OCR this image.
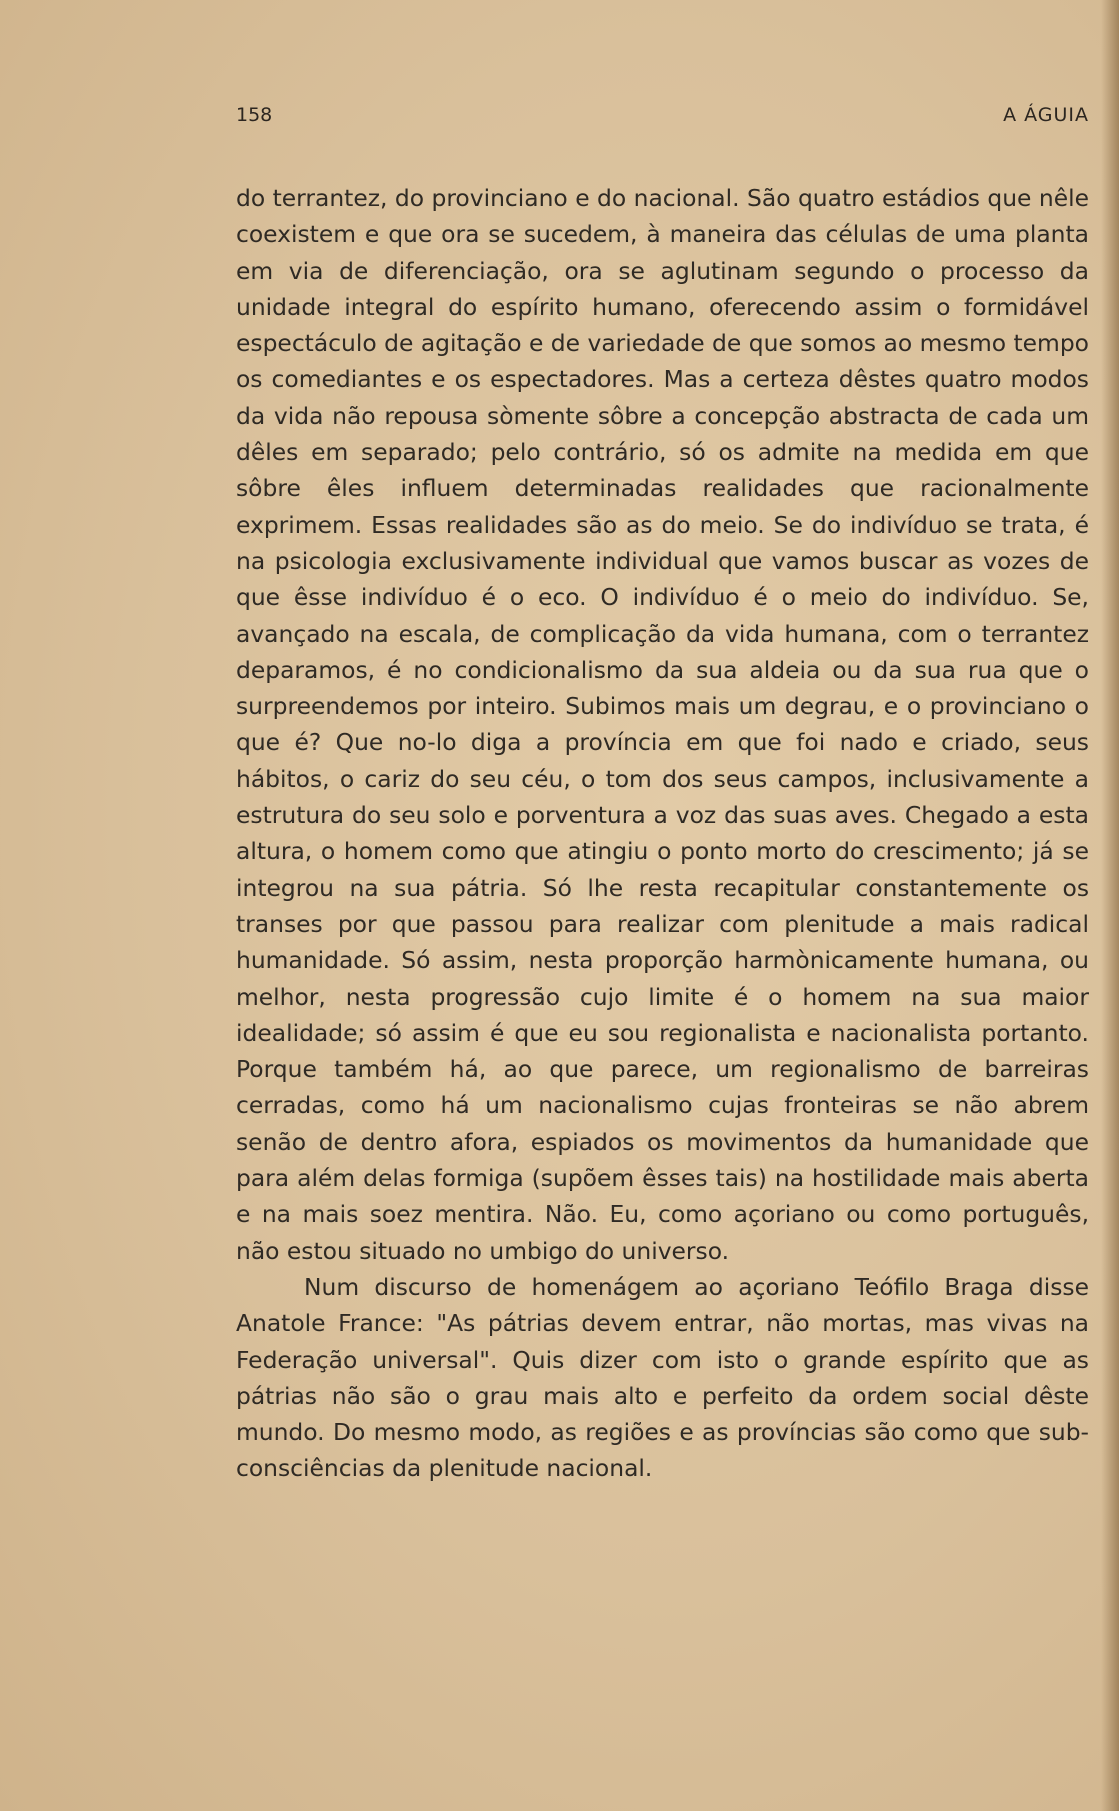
158	A ÁGUIA

do terrantez, do provinciano e do nacional. São quatro estádios que nêle coexistem e que ora se sucedem, à maneira das células de uma planta em via de diferenciação, ora se aglutinam segundo o processo da unidade integral do espírito humano, oferecendo assim o formidável espectáculo de agitação e de variedade de que somos ao mesmo tempo os comediantes e os espectadores. Mas a certeza dêstes quatro modos da vida não repousa sòmente sôbre a concepção abstracta de cada um dêles em separado; pelo contrário, só os admite na medida em que sôbre êles influem determinadas realidades que racionalmente exprimem. Essas realidades são as do meio. Se do indivíduo se trata, é na psicologia exclusivamente individual que vamos buscar as vozes de que êsse indivíduo é o eco. O indivíduo é o meio do indivíduo. Se, avançado na escala, de complicação da vida humana, com o terrantez deparamos, é no condicionalismo da sua aldeia ou da sua rua que o surpreendemos por inteiro. Subimos mais um degrau, e o provinciano o que é? Que no-lo diga a província em que foi nado e criado, seus hábitos, o cariz do seu céu, o tom dos seus campos, inclusivamente a estrutura do seu solo e porventura a voz das suas aves. Chegado a esta altura, o homem como que atingiu o ponto morto do crescimento; já se integrou na sua pátria. Só lhe resta recapitular constantemente os transes por que passou para realizar com plenitude a mais radical humanidade. Só assim, nesta proporção harmònicamente humana, ou melhor, nesta progressão cujo limite é o homem na sua maior idealidade; só assim é que eu sou regionalista e nacionalista portanto. Porque também há, ao que parece, um regionalismo de barreiras cerradas, como há um nacionalismo cujas fronteiras se não abrem senão de dentro afora, espiados os movimentos da humanidade que para além delas formiga (supõem êsses tais) na hostilidade mais aberta e na mais soez mentira. Não. Eu, como açoriano ou como português, não estou situado no umbigo do universo.

Num discurso de homenágem ao açoriano Teófilo Braga disse Anatole France: "As pátrias devem entrar, não mortas, mas vivas na Federação universal". Quis dizer com isto o grande espírito que as pátrias não são o grau mais alto e perfeito da ordem social dêste mundo. Do mesmo modo, as regiões e as províncias são como que sub-consciências da plenitude nacional.
